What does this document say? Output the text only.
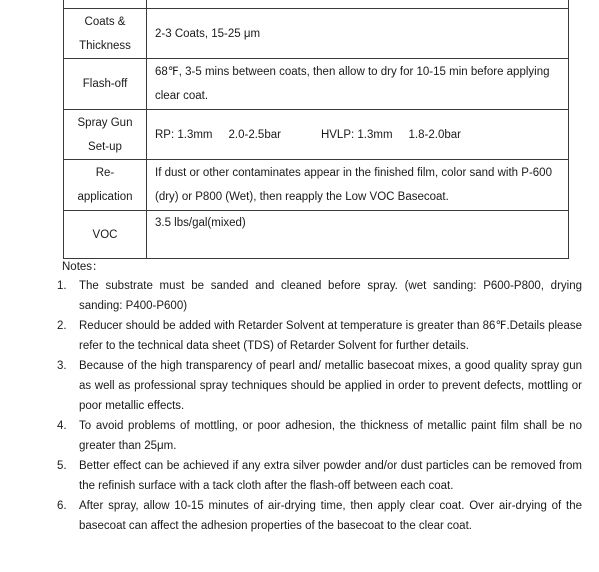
Coats &
Thickness	2-3 Coats, 15-25 μm
Flash-off	68℉, 3-5 mins between coats, then allow to dry for 10-15 min before applying clear coat.

Spray Gun
Set-up	RP: 1.3mm 2.0-2.5bar HVLP: 1.3mm 1.8-2.0bar

Re-
application	If dust or other contaminates appear in the finished film, color sand with P-600 (dry) or P800 (Wet), then reapply the Low VOC Basecoat.
VOC	3.5 lbs/gal(mixed)
Notes：
1.	The substrate must be sanded and cleaned before spray. (wet sanding: P600-P800, drying sanding: P400-P600)
2.	Reducer should be added with Retarder Solvent at temperature is greater than 86℉.Details please refer to the technical data sheet (TDS) of Retarder Solvent for further details.
3.	Because of the high transparency of pearl and/ metallic basecoat mixes, a good quality spray gun as well as professional spray techniques should be applied in order to prevent defects, mottling or poor metallic effects.
4.	To avoid problems of mottling, or poor adhesion, the thickness of metallic paint film shall be no greater than 25μm.
5.	Better effect can be achieved if any extra silver powder and/or dust particles can be removed from the refinish surface with a tack cloth after the flash-off between each coat.
6.	After spray, allow 10-15 minutes of air-drying time, then apply clear coat. Over air-drying of the basecoat can affect the adhesion properties of the basecoat to the clear coat.
